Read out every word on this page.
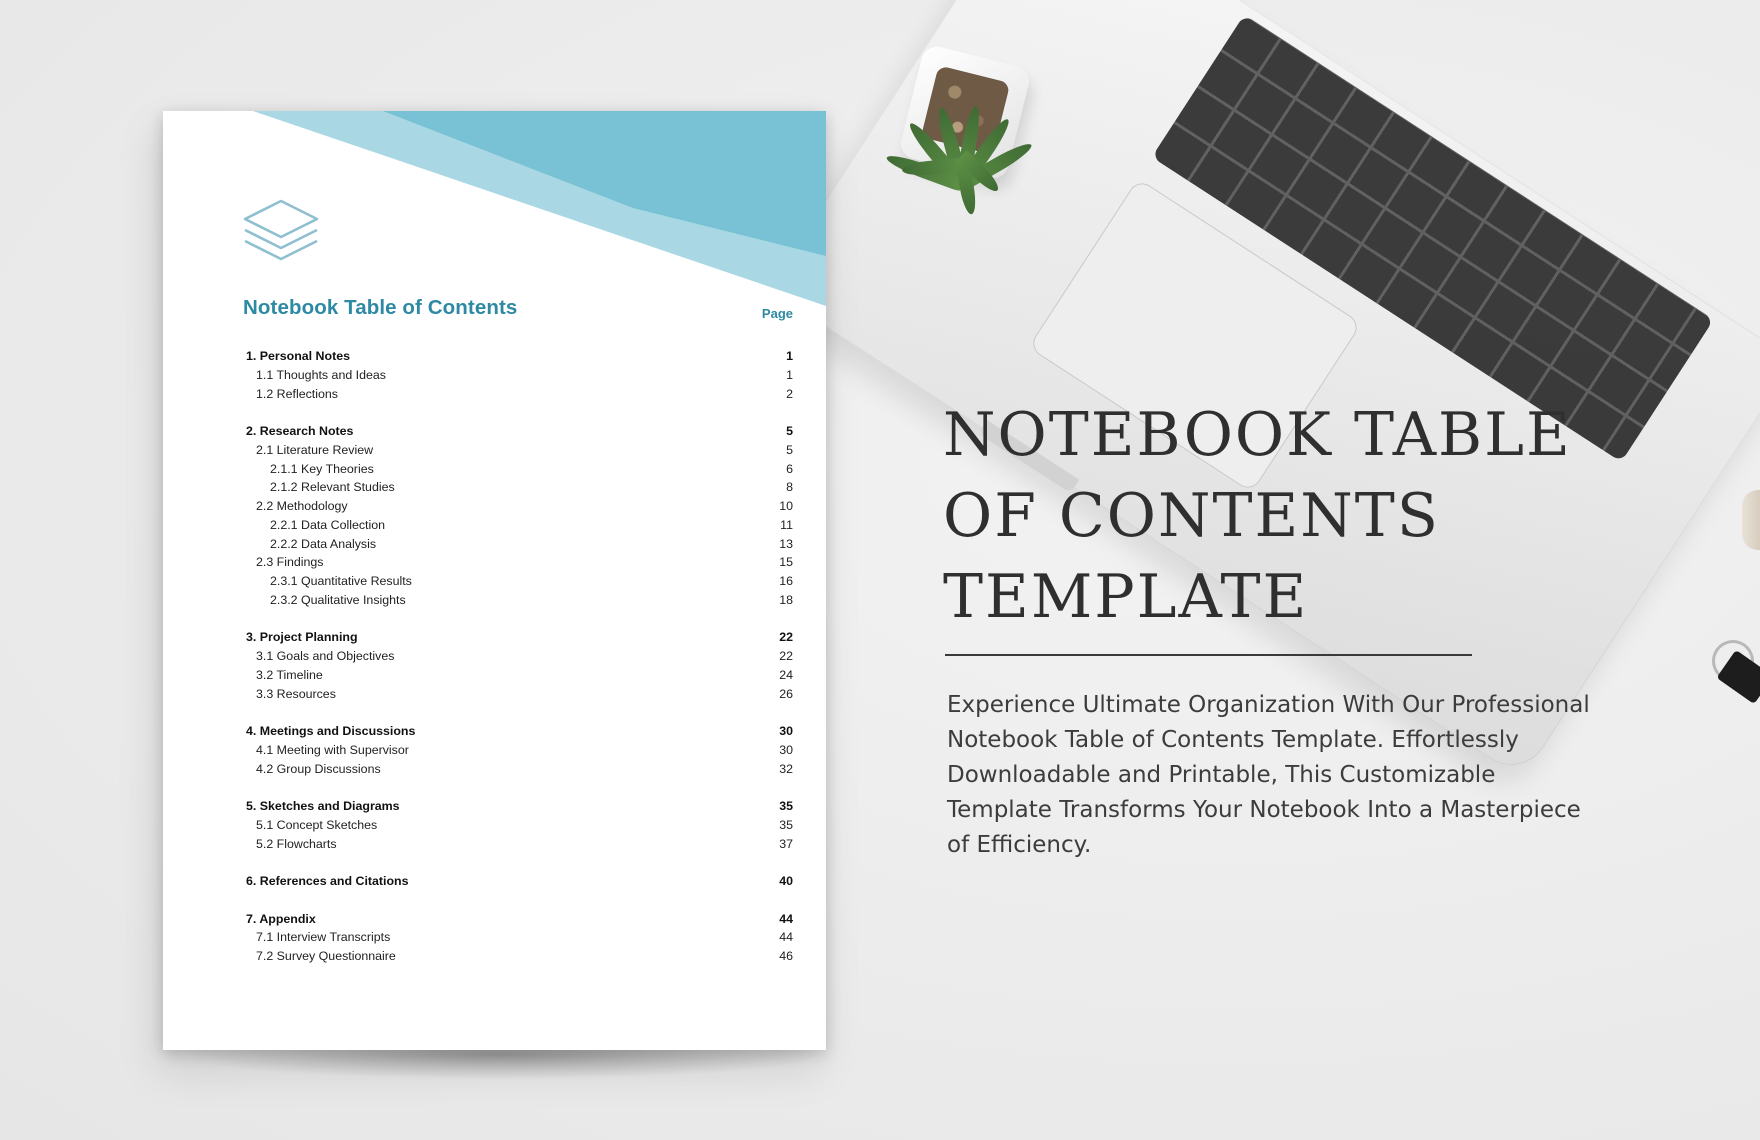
Notebook Table of Contents	Page
1. Personal Notes	1
1.1 Thoughts and Ideas	1
1.2 Reflections	2
2. Research Notes	5
2.1 Literature Review	5
2.1.1 Key Theories	6
2.1.2 Relevant Studies	8
2.2 Methodology	10
2.2.1 Data Collection	11
2.2.2 Data Analysis	13
2.3 Findings	15
2.3.1 Quantitative Results	16
2.3.2 Qualitative Insights	18
3. Project Planning	22
3.1 Goals and Objectives	22
3.2 Timeline	24
3.3 Resources	26
4. Meetings and Discussions	30
4.1 Meeting with Supervisor	30
4.2 Group Discussions	32
5. Sketches and Diagrams	35
5.1 Concept Sketches	35
5.2 Flowcharts	37
6. References and Citations	40
7. Appendix	44
7.1 Interview Transcripts	44
7.2 Survey Questionnaire	46
NOTEBOOK TABLE
OF CONTENTS
TEMPLATE
Experience Ultimate Organization With Our Professional
Notebook Table of Contents Template. Effortlessly
Downloadable and Printable, This Customizable
Template Transforms Your Notebook Into a Masterpiece
of Efficiency.
